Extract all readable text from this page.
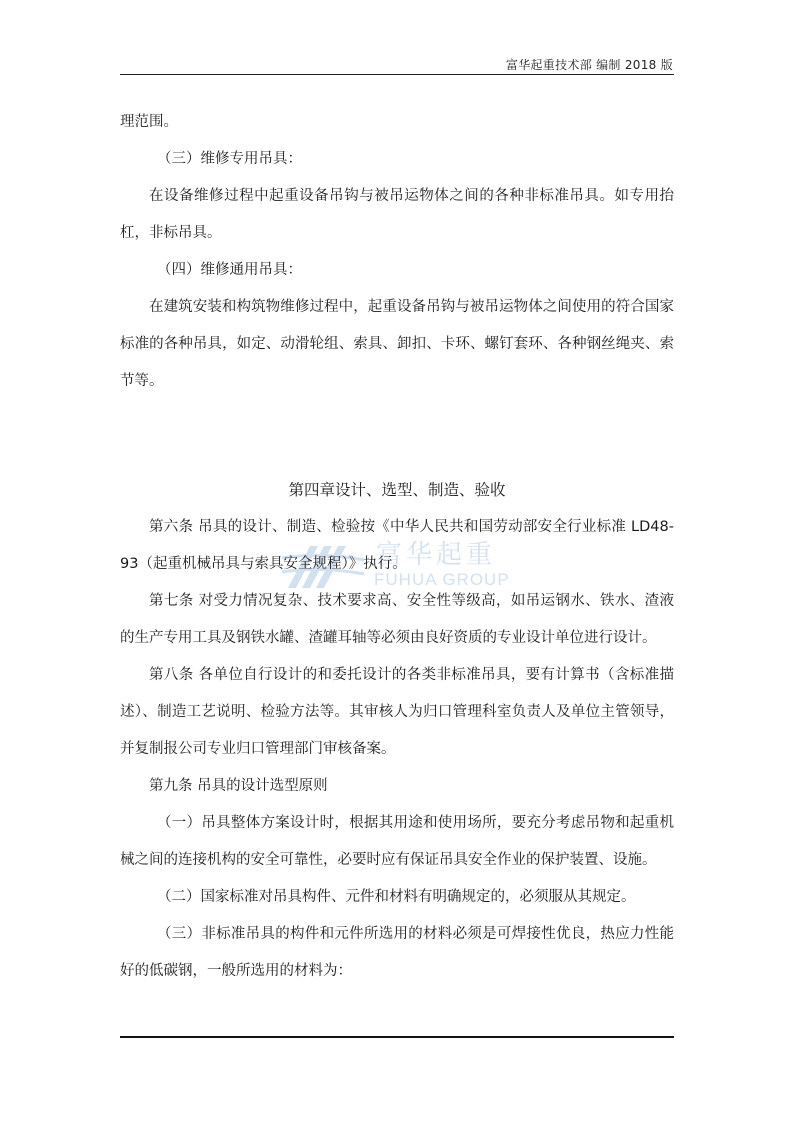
富华起重技术部 编制 2018 版
富华起重
FUHUA GROUP

理范围。

（三）维修专用吊具：

在设备维修过程中起重设备吊钩与被吊运物体之间的各种非标准吊具。如专用抬杠，非标吊具。

（四）维修通用吊具：

在建筑安装和构筑物维修过程中，起重设备吊钩与被吊运物体之间使用的符合国家标准的各种吊具，如定、动滑轮组、索具、卸扣、卡环、螺钉套环、各种钢丝绳夹、索节等。

第四章设计、选型、制造、验收

第六条 吊具的设计、制造、检验按《中华人民共和国劳动部安全行业标准 LD48-93（起重机械吊具与索具安全规程）》执行。

第七条 对受力情况复杂、技术要求高、安全性等级高，如吊运钢水、铁水、渣液的生产专用工具及钢铁水罐、渣罐耳轴等必须由良好资质的专业设计单位进行设计。

第八条 各单位自行设计的和委托设计的各类非标准吊具，要有计算书（含标准描述）、制造工艺说明、检验方法等。其审核人为归口管理科室负责人及单位主管领导，并复制报公司专业归口管理部门审核备案。

第九条 吊具的设计选型原则

（一）吊具整体方案设计时，根据其用途和使用场所，要充分考虑吊物和起重机械之间的连接机构的安全可靠性，必要时应有保证吊具安全作业的保护装置、设施。

（二）国家标准对吊具构件、元件和材料有明确规定的，必须服从其规定。

（三）非标准吊具的构件和元件所选用的材料必须是可焊接性优良，热应力性能好的低碳钢，一般所选用的材料为：
